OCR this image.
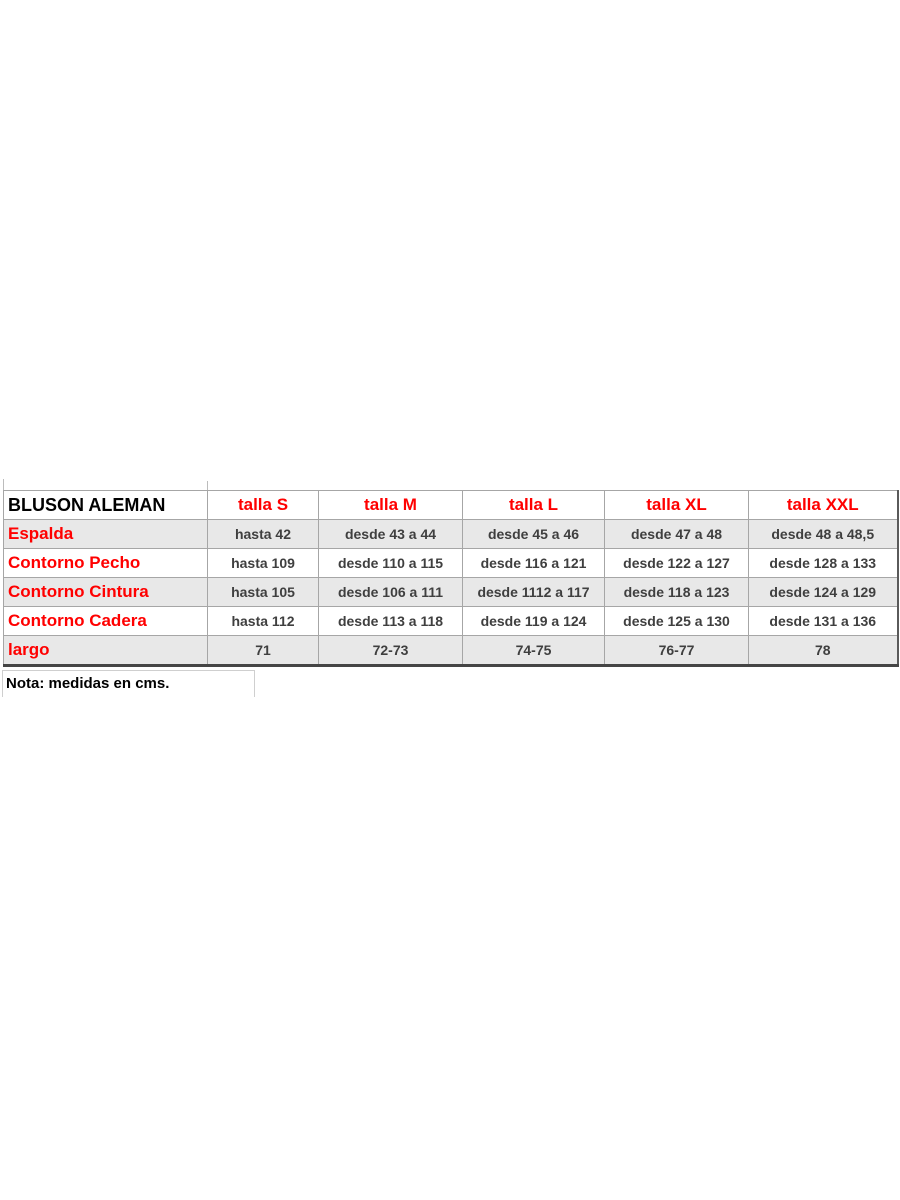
BLUSON ALEMAN	talla S	talla M	talla L	talla XL	talla XXL
Espalda	hasta 42	desde 43 a 44	desde 45 a 46	desde 47 a 48	desde 48 a 48,5
Contorno Pecho	hasta 109	desde 110 a 115	desde 116 a 121	desde 122 a 127	desde 128 a 133
Contorno Cintura	hasta 105	desde 106 a 111	desde 1112 a 117	desde 118 a 123	desde 124 a 129
Contorno Cadera	hasta 112	desde 113 a 118	desde 119 a 124	desde 125 a 130	desde 131 a 136
largo	71	72-73	74-75	76-77	78
Nota: medidas en cms.
